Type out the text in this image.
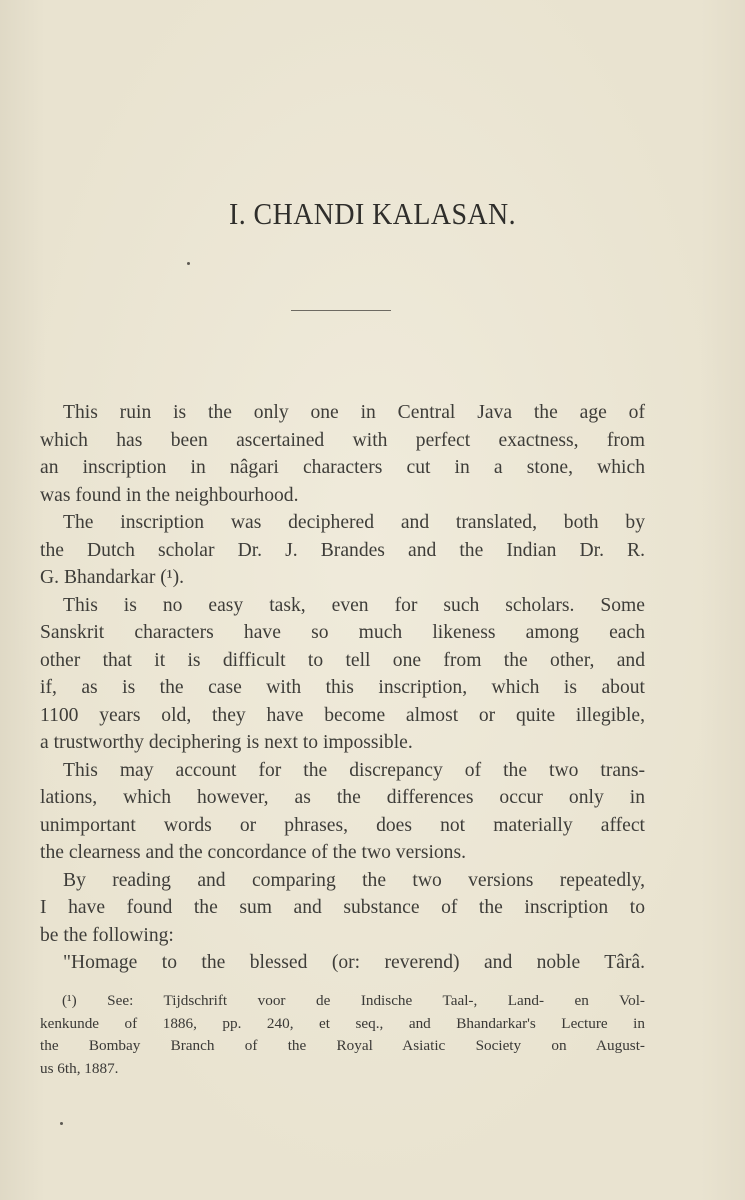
I. CHANDI KALASAN.
This ruin is the only one in Central Java the age of
which has been ascertained with perfect exactness, from
an inscription in nâgari characters cut in a stone, which
was found in the neighbourhood.
The inscription was deciphered and translated, both by
the Dutch scholar Dr. J. Brandes and the Indian Dr. R.
G. Bhandarkar (¹).
This is no easy task, even for such scholars. Some
Sanskrit characters have so much likeness among each
other that it is difficult to tell one from the other, and
if, as is the case with this inscription, which is about
1100 years old, they have become almost or quite illegible,
a trustworthy deciphering is next to impossible.
This may account for the discrepancy of the two trans-
lations, which however, as the differences occur only in
unimportant words or phrases, does not materially affect
the clearness and the concordance of the two versions.
By reading and comparing the two versions repeatedly,
I have found the sum and substance of the inscription to
be the following:
"Homage to the blessed (or: reverend) and noble Târâ.
(¹) See: Tijdschrift voor de Indische Taal-, Land- en Vol-
kenkunde of 1886, pp. 240, et seq., and Bhandarkar's Lecture in
the Bombay Branch of the Royal Asiatic Society on August-
us 6th, 1887.
